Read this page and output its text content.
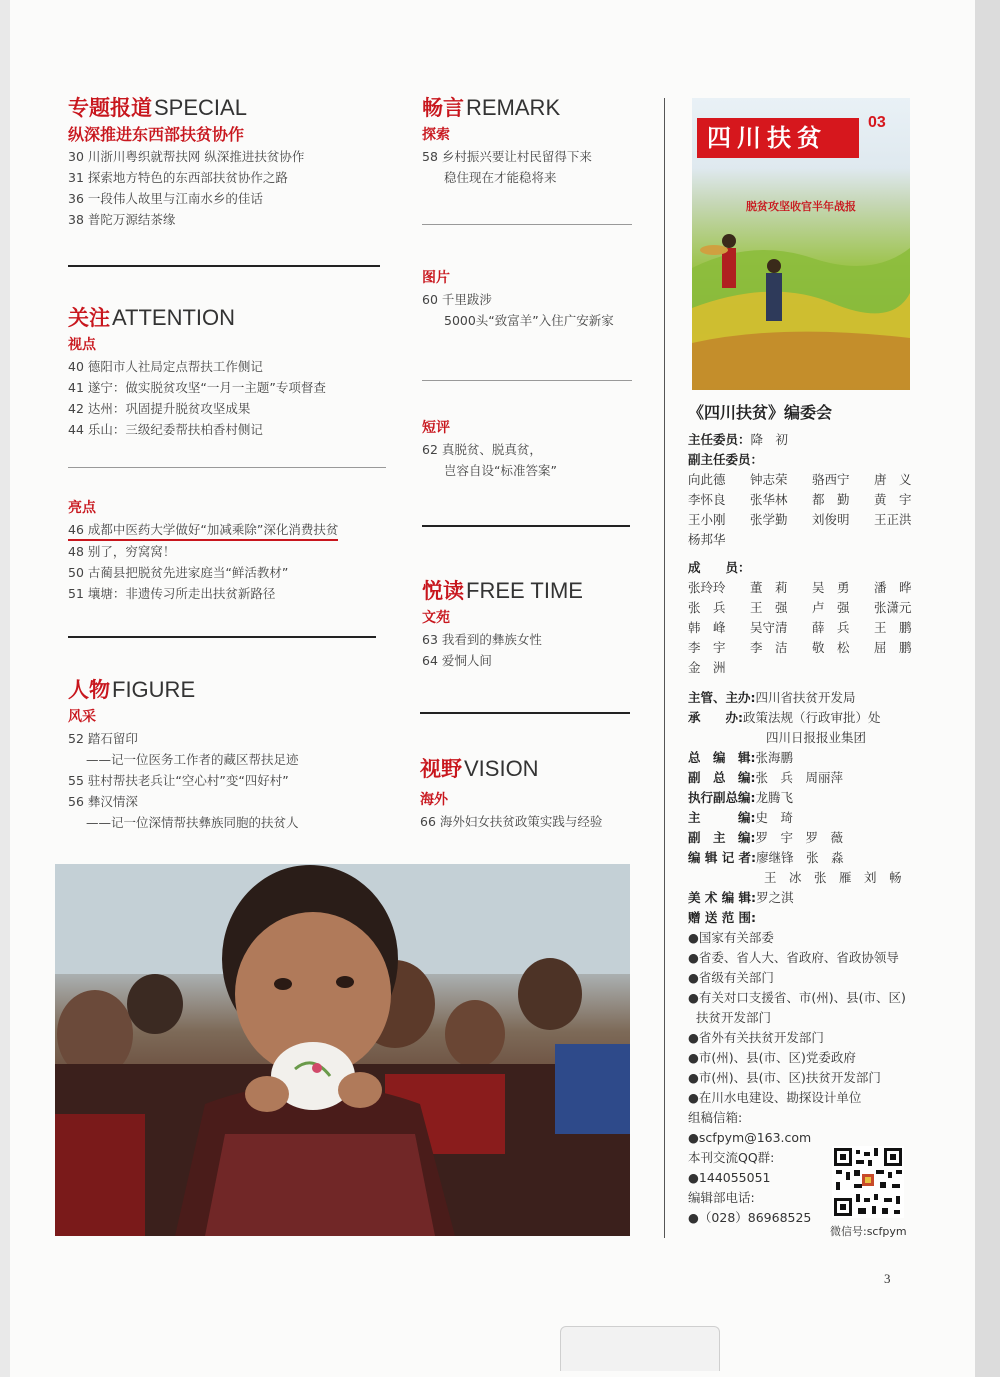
专题报道SPECIAL
纵深推进东西部扶贫协作
30 川浙川粤织就帮扶网 纵深推进扶贫协作
31 探索地方特色的东西部扶贫协作之路
36 一段伟人故里与江南水乡的佳话
38 普陀万源结茶缘
关注ATTENTION
视点
40 德阳市人社局定点帮扶工作侧记
41 遂宁：做实脱贫攻坚“一月一主题”专项督查
42 达州：巩固提升脱贫攻坚成果
44 乐山：三级纪委帮扶柏香村侧记
亮点
46 成都中医药大学做好“加减乘除”深化消费扶贫
48 别了，穷窝窝！
50 古蔺县把脱贫先进家庭当“鲜活教材”
51 壤塘：非遗传习所走出扶贫新路径
人物FIGURE
风采
52 踏石留印
——记一位医务工作者的藏区帮扶足迹
55 驻村帮扶老兵让“空心村”变“四好村”
56 彝汉情深
——记一位深情帮扶彝族同胞的扶贫人
畅言REMARK
探索
58 乡村振兴要让村民留得下来
稳住现在才能稳将来
图片
60 千里跋涉
5000头“致富羊”入住广安新家
短评
62 真脱贫、脱真贫，
岂容自设“标准答案”
悦读FREE TIME
文苑
63 我看到的彝族女性
64 爱恫人间
视野VISION
海外
66 海外妇女扶贫政策实践与经验
四川扶贫
03
脱贫攻坚收官半年战报
《四川扶贫》编委会
主任委员：降　初
副主任委员：
向此德	钟志荣	骆西宁	唐　义
李怀良	张华林	都　勤	黄　宇
王小刚	张学勤	刘俊明	王正洪
杨邦华
成　　员：
张玲玲	董　莉	吴　勇	潘　晔
张　兵	王　强	卢　强	张潇元
韩　峰	吴守清	薛　兵	王　鹏
李　宇	李　洁	敬　松	屈　鹏
金　洲
主管、主办:四川省扶贫开发局
承　　办:政策法规（行政审批）处
四川日报报业集团
总　编　辑:张海鹏
副　总　编:张　兵　周丽萍
执行副总编:龙腾飞
主　　　编:史　琦
副　主　编:罗　宇　罗　薇
编 辑 记 者:廖继锋　张　淼
王　冰　张　雁　刘　畅
美 术 编 辑:罗之淇
赠 送 范 围:
●国家有关部委
●省委、省人大、省政府、省政协领导
●省级有关部门
●有关对口支援省、市(州)、县(市、区)
扶贫开发部门
●省外有关扶贫开发部门
●市(州)、县(市、区)党委政府
●市(州)、县(市、区)扶贫开发部门
●在川水电建设、勘探设计单位
组稿信箱:
●scfpym@163.com
本刊交流QQ群:
●144055051
编辑部电话:
●（028）86968525
微信号:scfpym
3
